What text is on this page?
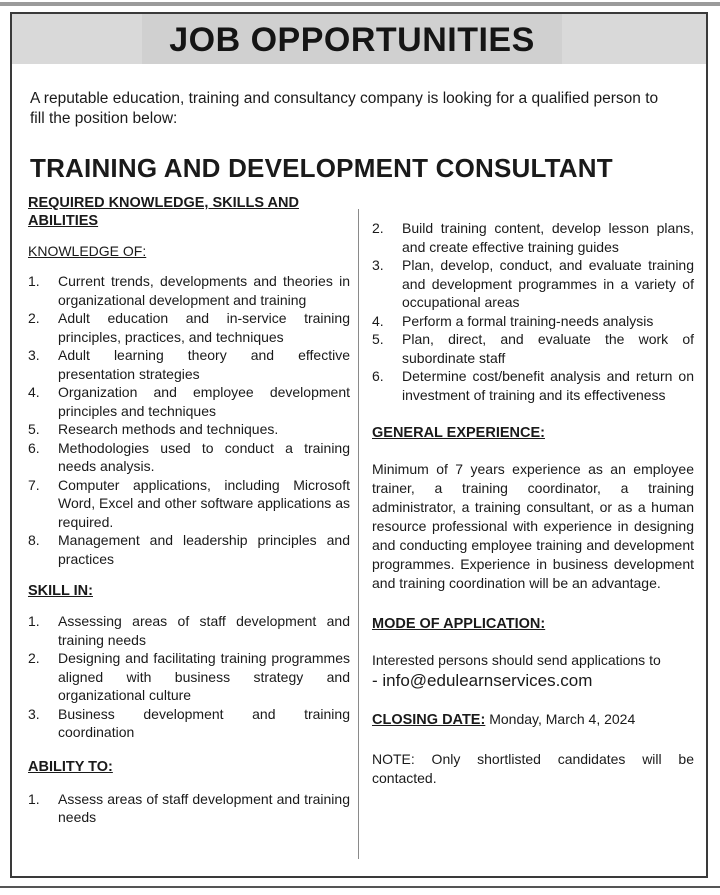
JOB OPPORTUNITIES

A reputable education, training and consultancy company is looking for a qualified person to fill the position below:

TRAINING AND DEVELOPMENT CONSULTANT
REQUIRED KNOWLEDGE, SKILLS AND ABILITIES
KNOWLEDGE OF:
1. Current trends, developments and theories in organizational development and training
2. Adult education and in-service training principles, practices, and techniques
3. Adult learning theory and effective presentation strategies
4. Organization and employee development principles and techniques
5. Research methods and techniques.
6. Methodologies used to conduct a training needs analysis.
7. Computer applications, including Microsoft Word, Excel and other software applications as required.
8. Management and leadership principles and practices
SKILL IN:
1. Assessing areas of staff development and training needs
2. Designing and facilitating training programmes aligned with business strategy and organizational culture
3. Business development and training coordination
ABILITY TO:
1. Assess areas of staff development and training needs
2. Build training content, develop lesson plans, and create effective training guides
3. Plan, develop, conduct, and evaluate training and development programmes in a variety of occupational areas
4. Perform a formal training-needs analysis
5. Plan, direct, and evaluate the work of subordinate staff
6. Determine cost/benefit analysis and return on investment of training and its effectiveness
GENERAL EXPERIENCE:

Minimum of 7 years experience as an employee trainer, a training coordinator, a training administrator, a training consultant, or as a human resource professional with experience in designing and conducting employee training and development programmes. Experience in business development and training coordination will be an advantage.

MODE OF APPLICATION:

Interested persons should send applications to

- info@edulearnservices.com

CLOSING DATE: Monday, March 4, 2024

NOTE: Only shortlisted candidates will be contacted.
